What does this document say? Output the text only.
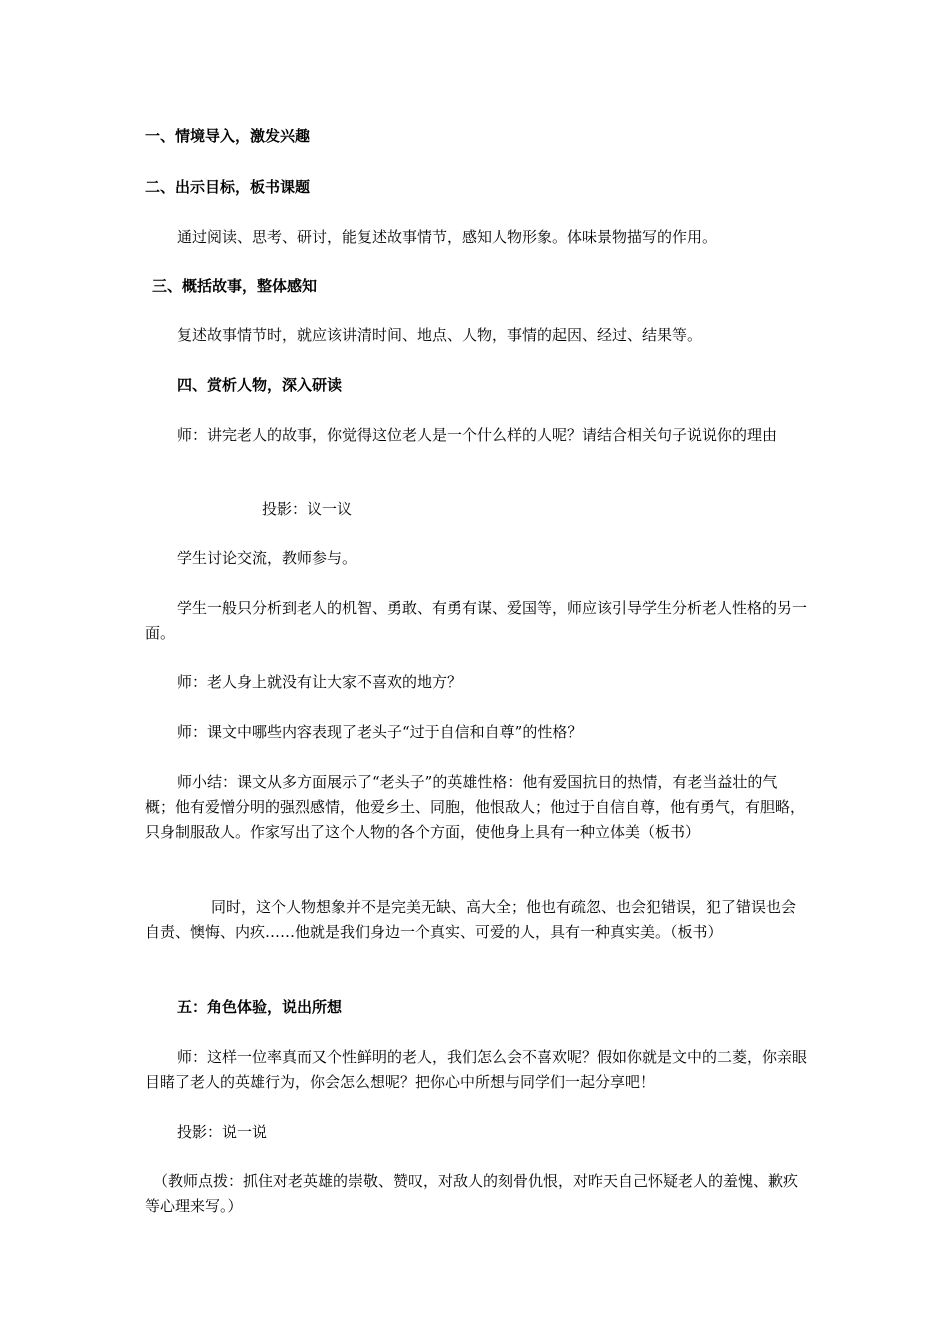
一、情境导入，激发兴趣

二、出示目标，板书课题

通过阅读、思考、研讨，能复述故事情节，感知人物形象。体味景物描写的作用。

三、概括故事，整体感知

复述故事情节时，就应该讲清时间、地点、人物，事情的起因、经过、结果等。

四、赏析人物，深入研读

师：讲完老人的故事，你觉得这位老人是一个什么样的人呢？请结合相关句子说说你的理由

投影：议一议

学生讨论交流，教师参与。

学生一般只分析到老人的机智、勇敢、有勇有谋、爱国等，师应该引导学生分析老人性格的另一面。

师：老人身上就没有让大家不喜欢的地方？

师：课文中哪些内容表现了老头子“过于自信和自尊”的性格？

师小结：课文从多方面展示了“老头子”的英雄性格：他有爱国抗日的热情，有老当益壮的气概；他有爱憎分明的强烈感情，他爱乡土、同胞，他恨敌人；他过于自信自尊，他有勇气，有胆略，只身制服敌人。作家写出了这个人物的各个方面，使他身上具有一种立体美（板书）

同时，这个人物想象并不是完美无缺、高大全；他也有疏忽、也会犯错误，犯了错误也会自责、懊悔、内疚……他就是我们身边一个真实、可爱的人，具有一种真实美。（板书）

五：角色体验，说出所想

师：这样一位率真而又个性鲜明的老人，我们怎么会不喜欢呢？假如你就是文中的二菱，你亲眼目睹了老人的英雄行为，你会怎么想呢？把你心中所想与同学们一起分享吧！

投影：说一说

（教师点拨：抓住对老英雄的崇敬、赞叹，对敌人的刻骨仇恨，对昨天自己怀疑老人的羞愧、歉疚等心理来写。）
